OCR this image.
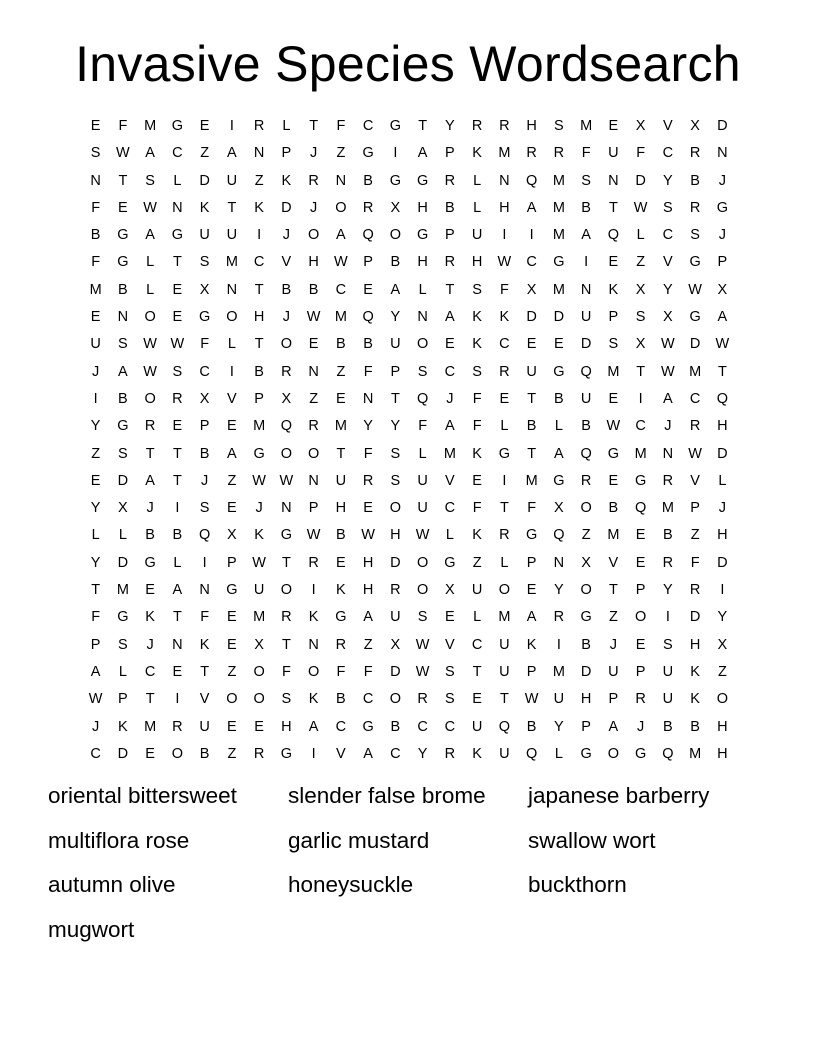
Invasive Species Wordsearch
E	F	M	G	E	I	R	L	T	F	C	G	T	Y	R	R	H	S	M	E	X	V	X	D
S	W	A	C	Z	A	N	P	J	Z	G	I	A	P	K	M	R	R	F	U	F	C	R	N
N	T	S	L	D	U	Z	K	R	N	B	G	G	R	L	N	Q	M	S	N	D	Y	B	J
F	E	W	N	K	T	K	D	J	O	R	X	H	B	L	H	A	M	B	T	W	S	R	G
B	G	A	G	U	U	I	J	O	A	Q	O	G	P	U	I	I	M	A	Q	L	C	S	J
F	G	L	T	S	M	C	V	H	W	P	B	H	R	H	W	C	G	I	E	Z	V	G	P
M	B	L	E	X	N	T	B	B	C	E	A	L	T	S	F	X	M	N	K	X	Y	W	X
E	N	O	E	G	O	H	J	W M	Q	Y	N	A	K	K	D	D	U	P	S	X	G	A
U	S	W W	F	L	T	O	E	B	B	U	O	E	K	C	E	E	D	S	X	W	D	W
J	A	W	S	C	I	B	R	N	Z	F	P	S	C	S	R	U	G	Q	M	T	W M	T
I	B	O	R	X	V	P	X	Z	E	N	T	Q	J	F	E	T	B	U	E	I	A	C	Q
Y	G	R	E	P	E	M	Q	R	M	Y	Y	F	A	F	L	B	L	B	W	C	J	R	H
Z	S	T	T	B	A	G	O	O	T	F	S	L	M	K	G	T	A	Q	G	M	N	W	D
E	D	A	T	J	Z	W W	N	U	R	S	U	V	E	I	M	G	R	E	G	R	V	L
Y	X	J	I	S	E	J	N	P	H	E	O	U	C	F	T	F	X	O	B	Q	M	P	J
L	L	B	B	Q	X	K	G	W	B	W	H	W	L	K	R	G	Q	Z	M	E	B	Z	H
Y	D	G	L	I	P	W	T	R	E	H	D	O	G	Z	L	P	N	X	V	E	R	F	D
T	M	E	A	N	G	U	O	I	K	H	R	O	X	U	O	E	Y	O	T	P	Y	R	I
F	G	K	T	F	E	M	R	K	G	A	U	S	E	L	M	A	R	G	Z	O	I	D	Y
P	S	J	N	K	E	X	T	N	R	Z	X	W	V	C	U	K	I	B	J	E	S	H	X
A	L	C	E	T	Z	O	F	O	F	F	D	W	S	T	U	P	M	D	U	P	U	K	Z
W	P	T	I	V	O	O	S	K	B	C	O	R	S	E	T	W	U	H	P	R	U	K	O
J	K	M	R	U	E	E	H	A	C	G	B	C	C	U	Q	B	Y	P	A	J	B	B	H
C	D	E	O	B	Z	R	G	I	V	A	C	Y	R	K	U	Q	L	G	O	G	Q	M	H
oriental bittersweet	slender false brome	japanese barberry
multiflora rose	garlic mustard	swallow wort
autumn olive	honeysuckle	buckthorn
mugwort
